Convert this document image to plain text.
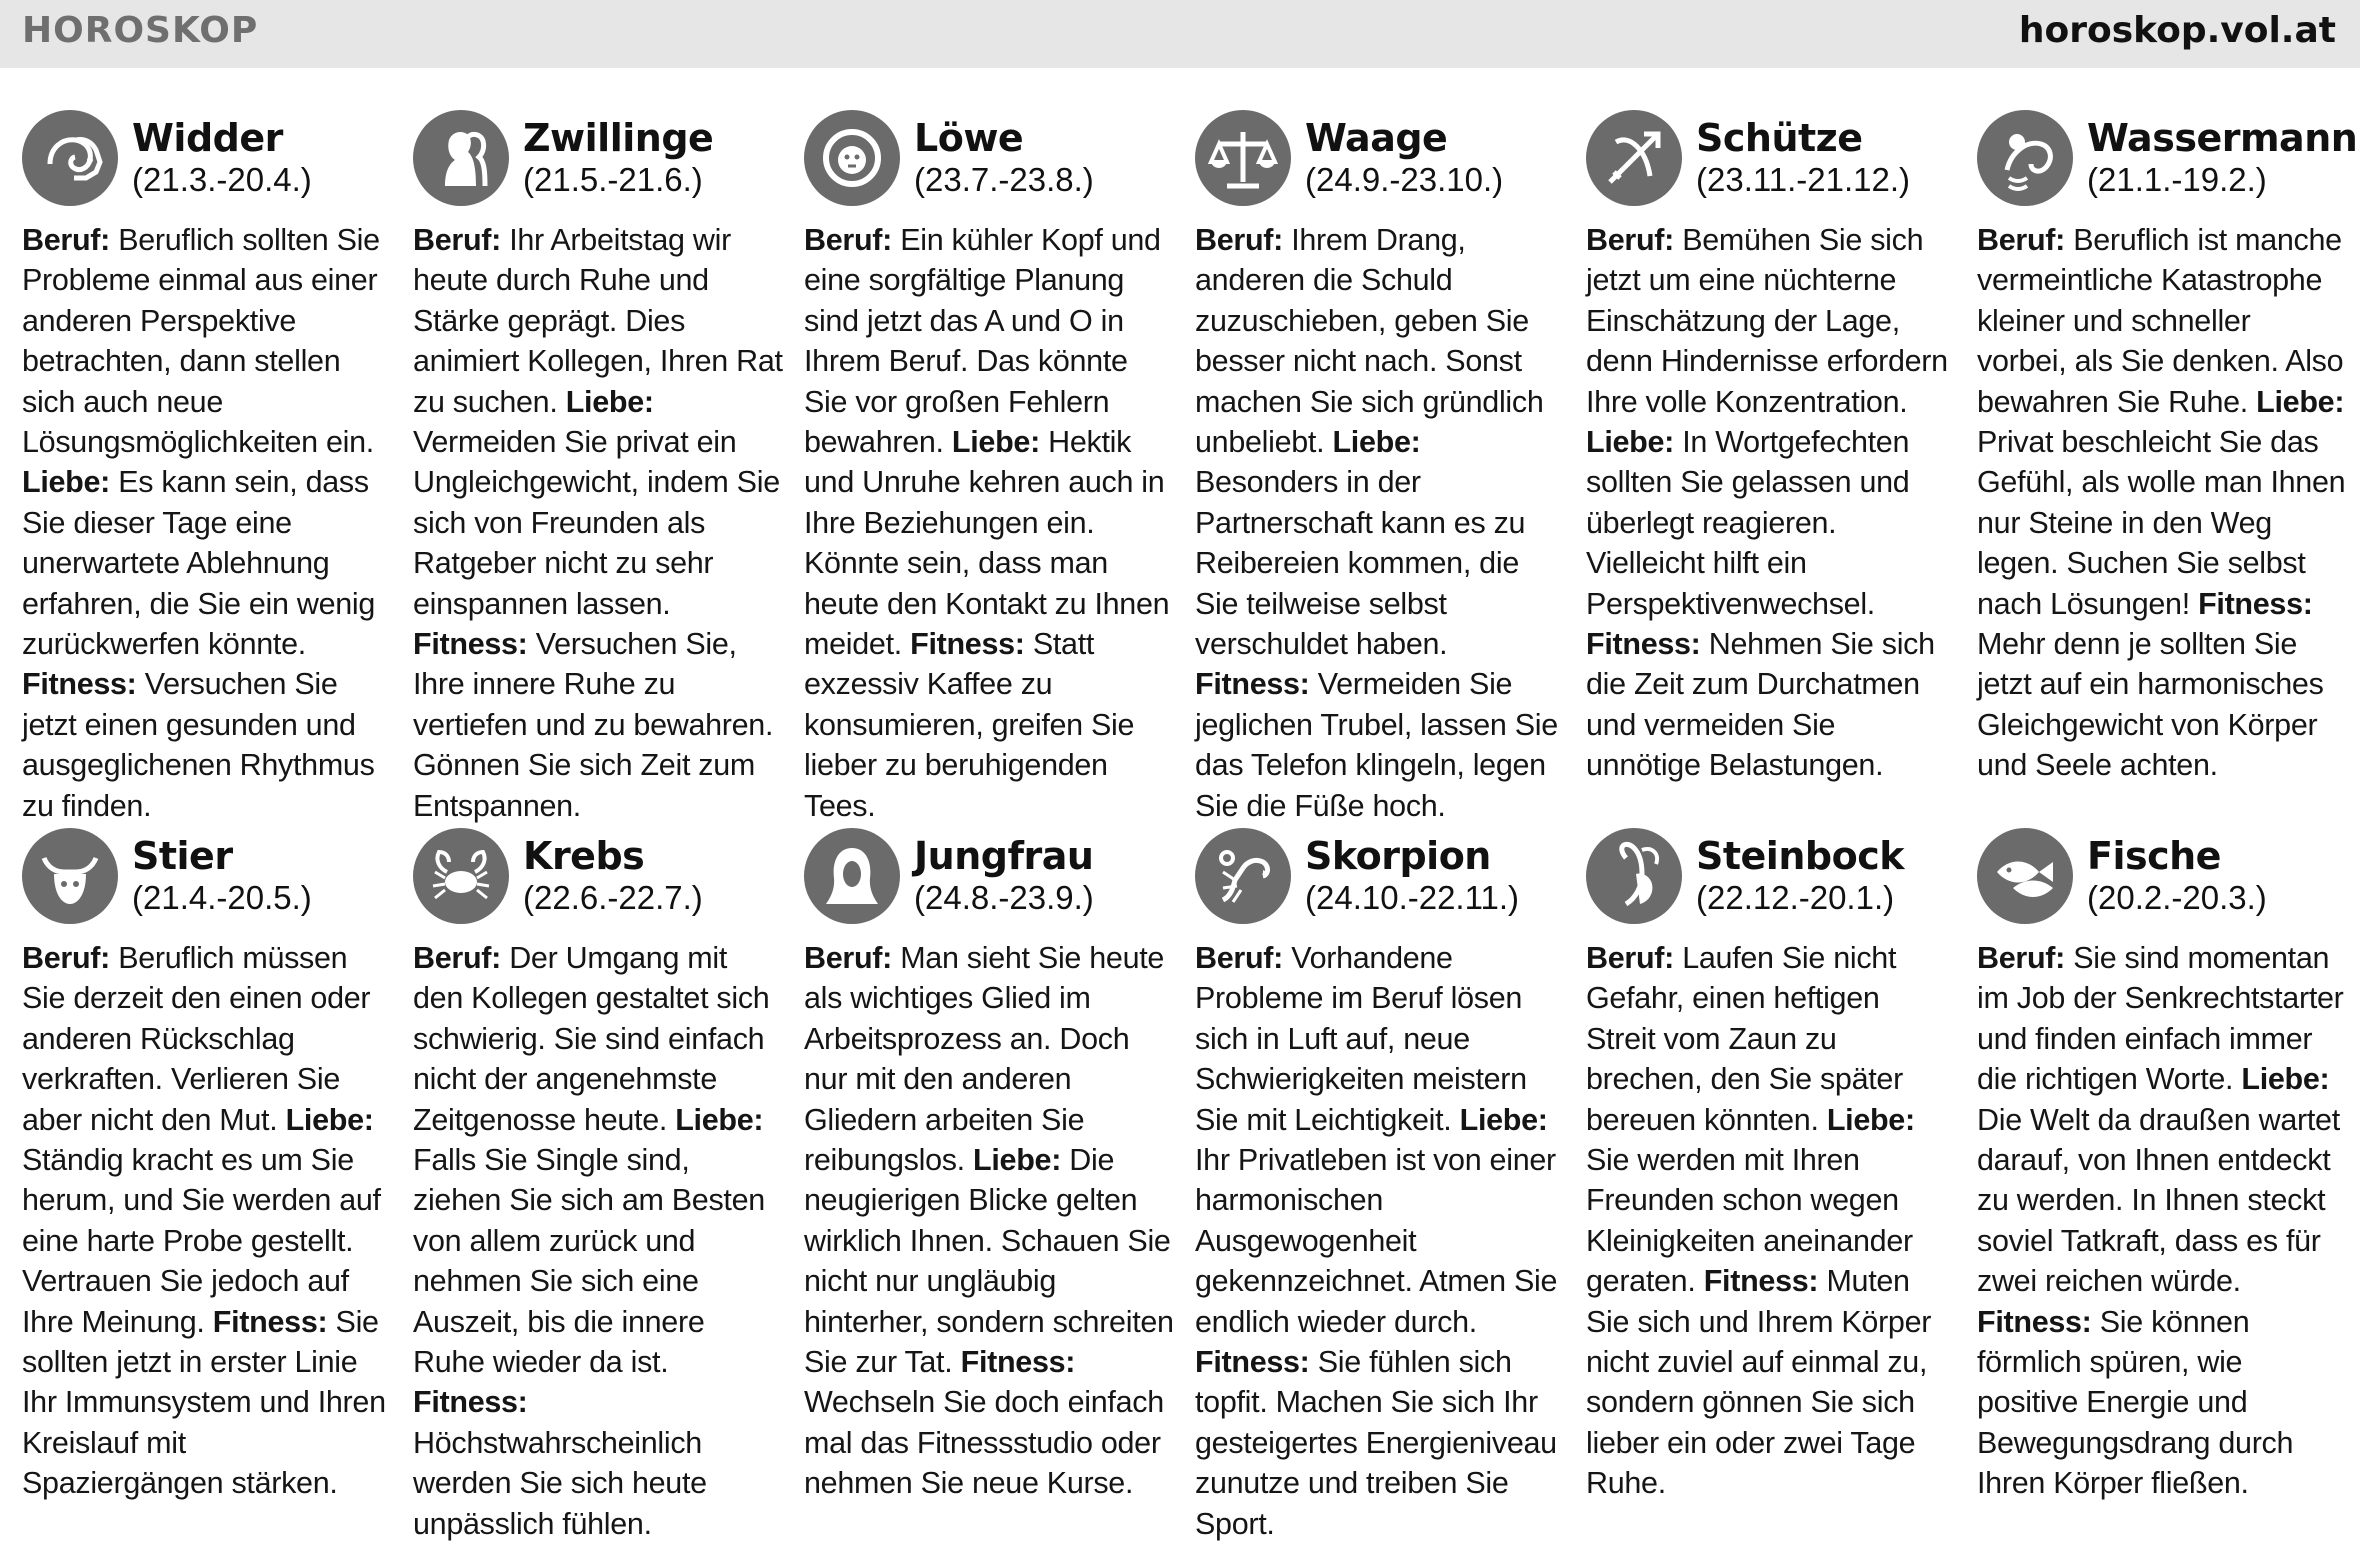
HOROSKOP	horoskop.vol.at
Widder
(21.3.-20.4.)
Beruf: Beruflich sollten Sie Probleme einmal aus einer anderen Perspektive betrachten, dann stellen sich auch neue Lösungsmöglichkeiten ein. Liebe: Es kann sein, dass Sie dieser Tage eine unerwartete Ablehnung erfahren, die Sie ein wenig zurückwerfen könnte. Fitness: Versuchen Sie jetzt einen gesunden und ausgeglichenen Rhythmus zu finden.
Zwillinge
(21.5.-21.6.)
Beruf: Ihr Arbeitstag wir heute durch Ruhe und Stärke geprägt. Dies animiert Kollegen, Ihren Rat zu suchen. Liebe: Vermeiden Sie privat ein Ungleichgewicht, indem Sie sich von Freunden als Ratgeber nicht zu sehr einspannen lassen. Fitness: Versuchen Sie, Ihre innere Ruhe zu vertiefen und zu bewahren. Gönnen Sie sich Zeit zum Entspannen.
Löwe
(23.7.-23.8.)
Beruf: Ein kühler Kopf und eine sorgfältige Planung sind jetzt das A und O in Ihrem Beruf. Das könnte Sie vor großen Fehlern bewahren. Liebe: Hektik und Unruhe kehren auch in Ihre Beziehungen ein. Könnte sein, dass man heute den Kontakt zu Ihnen meidet. Fitness: Statt exzessiv Kaffee zu konsumieren, greifen Sie lieber zu beruhigenden Tees.
Waage
(24.9.-23.10.)
Beruf: Ihrem Drang, anderen die Schuld zuzuschieben, geben Sie besser nicht nach. Sonst machen Sie sich gründlich unbeliebt. Liebe: Besonders in der Partnerschaft kann es zu Reibereien kommen, die Sie teilweise selbst verschuldet haben. Fitness: Vermeiden Sie jeglichen Trubel, lassen Sie das Telefon klingeln, legen Sie die Füße hoch.
Schütze
(23.11.-21.12.)
Beruf: Bemühen Sie sich jetzt um eine nüchterne Einschätzung der Lage, denn Hindernisse erfordern Ihre volle Konzentration. Liebe: In Wortgefechten sollten Sie gelassen und überlegt reagieren. Vielleicht hilft ein Perspektivenwechsel. Fitness: Nehmen Sie sich die Zeit zum Durchatmen und vermeiden Sie unnötige Belastungen.
Wassermann
(21.1.-19.2.)
Beruf: Beruflich ist manche vermeintliche Katastrophe kleiner und schneller vorbei, als Sie denken. Also bewahren Sie Ruhe. Liebe: Privat beschleicht Sie das Gefühl, als wolle man Ihnen nur Steine in den Weg legen. Suchen Sie selbst nach Lösungen! Fitness: Mehr denn je sollten Sie jetzt auf ein harmonisches Gleichgewicht von Körper und Seele achten.
Stier
(21.4.-20.5.)
Beruf: Beruflich müssen Sie derzeit den einen oder anderen Rückschlag verkraften. Verlieren Sie aber nicht den Mut. Liebe: Ständig kracht es um Sie herum, und Sie werden auf eine harte Probe gestellt. Vertrauen Sie jedoch auf Ihre Meinung. Fitness: Sie sollten jetzt in erster Linie Ihr Immunsystem und Ihren Kreislauf mit Spaziergängen stärken.
Krebs
(22.6.-22.7.)
Beruf: Der Umgang mit den Kollegen gestaltet sich schwierig. Sie sind einfach nicht der angenehmste Zeitgenosse heute. Liebe: Falls Sie Single sind, ziehen Sie sich am Besten von allem zurück und nehmen Sie sich eine Auszeit, bis die innere Ruhe wieder da ist. Fitness: Höchstwahrscheinlich werden Sie sich heute unpässlich fühlen.
Jungfrau
(24.8.-23.9.)
Beruf: Man sieht Sie heute als wichtiges Glied im Arbeitsprozess an. Doch nur mit den anderen Gliedern arbeiten Sie reibungslos. Liebe: Die neugierigen Blicke gelten wirklich Ihnen. Schauen Sie nicht nur ungläubig hinterher, sondern schreiten Sie zur Tat. Fitness: Wechseln Sie doch einfach mal das Fitnessstudio oder nehmen Sie neue Kurse.
Skorpion
(24.10.-22.11.)
Beruf: Vorhandene Probleme im Beruf lösen sich in Luft auf, neue Schwierigkeiten meistern Sie mit Leichtigkeit. Liebe: Ihr Privatleben ist von einer harmonischen Ausgewogenheit gekennzeichnet. Atmen Sie endlich wieder durch. Fitness: Sie fühlen sich topfit. Machen Sie sich Ihr gesteigertes Energieniveau zunutze und treiben Sie Sport.
Steinbock
(22.12.-20.1.)
Beruf: Laufen Sie nicht Gefahr, einen heftigen Streit vom Zaun zu brechen, den Sie später bereuen könnten. Liebe: Sie werden mit Ihren Freunden schon wegen Kleinigkeiten aneinander geraten. Fitness: Muten Sie sich und Ihrem Körper nicht zuviel auf einmal zu, sondern gönnen Sie sich lieber ein oder zwei Tage Ruhe.
Fische
(20.2.-20.3.)
Beruf: Sie sind momentan im Job der Senkrechtstarter und finden einfach immer die richtigen Worte. Liebe: Die Welt da draußen wartet darauf, von Ihnen entdeckt zu werden. In Ihnen steckt soviel Tatkraft, dass es für zwei reichen würde. Fitness: Sie können förmlich spüren, wie positive Energie und Bewegungsdrang durch Ihren Körper fließen.
